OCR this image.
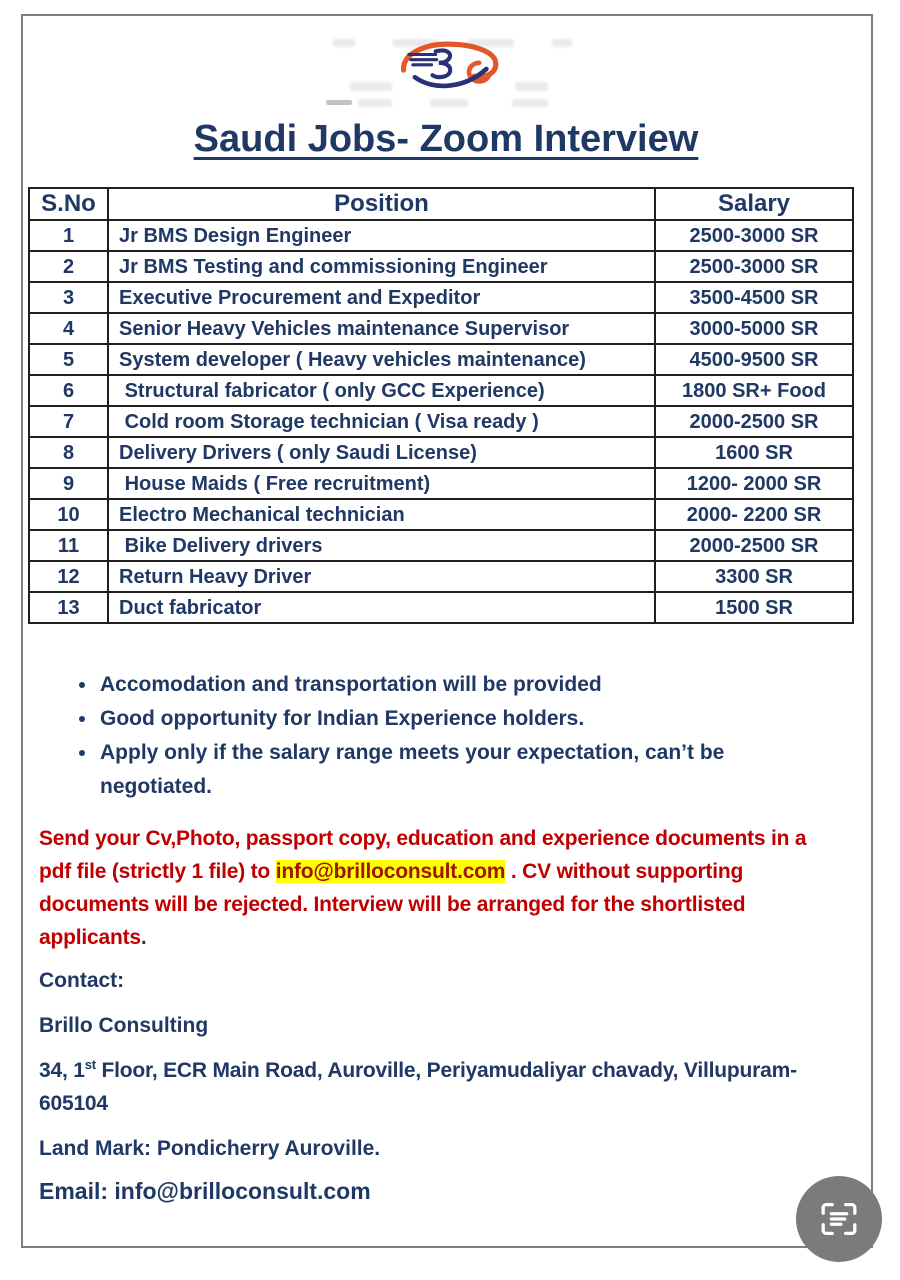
Saudi Jobs- Zoom Interview
S.No	Position	Salary
1	Jr BMS Design Engineer	2500-3000 SR
2	Jr BMS Testing and commissioning Engineer	2500-3000 SR
3	Executive Procurement and Expeditor	3500-4500 SR
4	Senior Heavy Vehicles maintenance Supervisor	3000-5000 SR
5	System developer ( Heavy vehicles maintenance)	4500-9500 SR
6	Structural fabricator ( only GCC Experience)	1800 SR+ Food
7	Cold room Storage technician ( Visa ready )	2000-2500 SR
8	Delivery Drivers ( only Saudi License)	1600 SR
9	House Maids ( Free recruitment)	1200- 2000 SR
10	Electro Mechanical technician	2000- 2200 SR
11	Bike Delivery drivers	2000-2500 SR
12	Return Heavy Driver	3300 SR
13	Duct fabricator	1500 SR
• Accomodation and transportation will be provided
• Good opportunity for Indian Experience holders.
• Apply only if the salary range meets your expectation, can’t be
negotiated.

Send your Cv,Photo, passport copy, education and experience documents in a
pdf file (strictly 1 file) to info@brilloconsult.com . CV without supporting
documents will be rejected. Interview will be arranged for the shortlisted
applicants.

Contact:

Brillo Consulting

34, 1st Floor, ECR Main Road, Auroville, Periyamudaliyar chavady, Villupuram-
605104

Land Mark: Pondicherry Auroville.

Email: info@brilloconsult.com
